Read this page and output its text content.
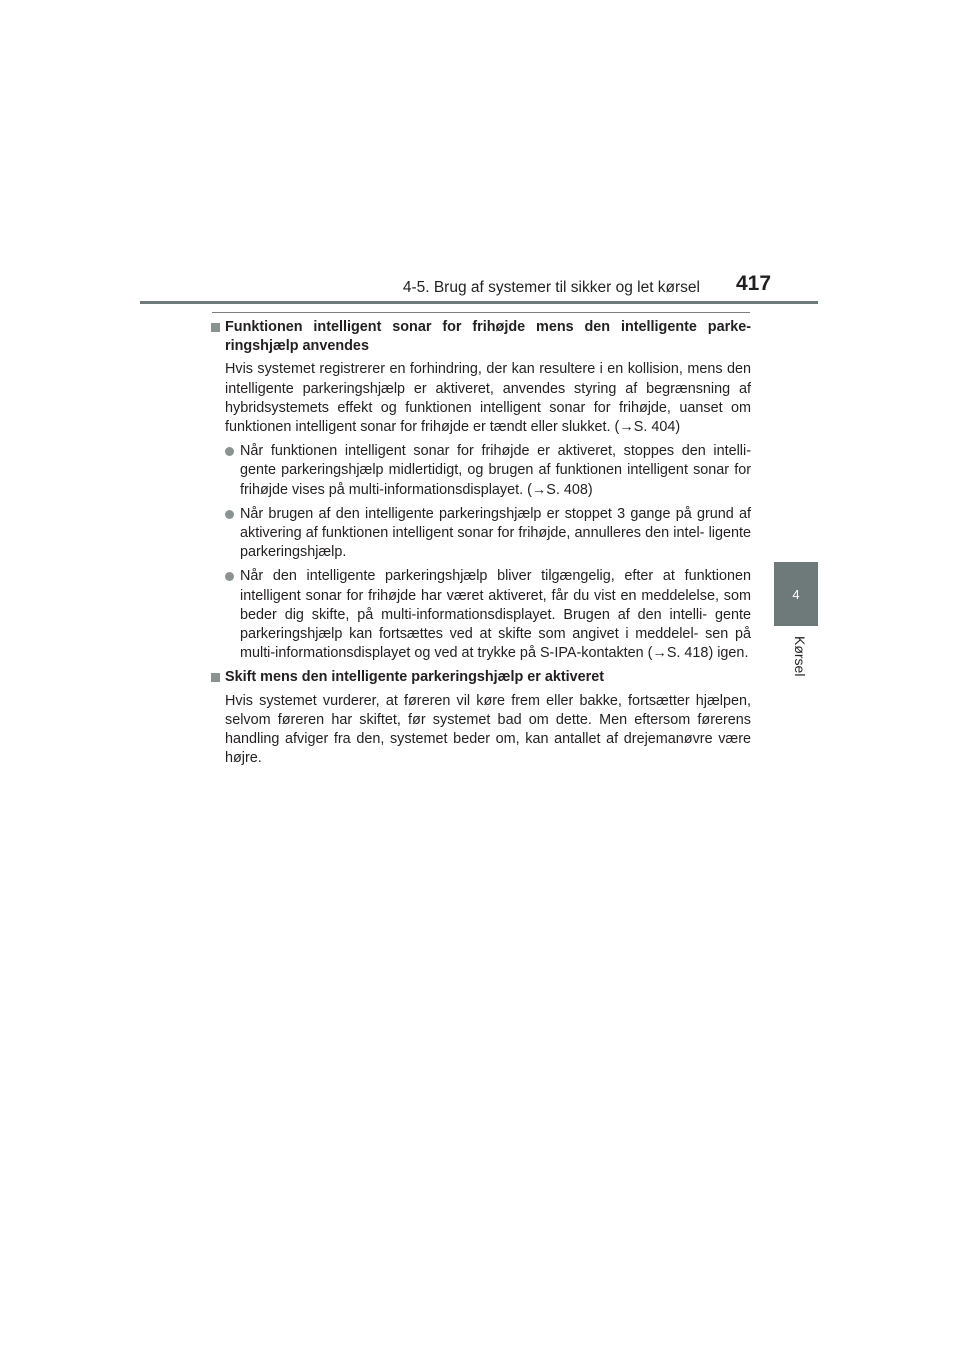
4-5. Brug af systemer til sikker og let kørsel 417
4
Kørsel
Funktionen intelligent sonar for frihøjde mens den intelligente parke- ringshjælp anvendes
Hvis systemet registrerer en forhindring, der kan resultere i en kollision, mens den intelligente parkeringshjælp er aktiveret, anvendes styring af begrænsning af hybridsystemets effekt og funktionen intelligent sonar for frihøjde, uanset om funktionen intelligent sonar for frihøjde er tændt eller slukket. (→S. 404)
Når funktionen intelligent sonar for frihøjde er aktiveret, stoppes den intelli- gente parkeringshjælp midlertidigt, og brugen af funktionen intelligent sonar for frihøjde vises på multi-informationsdisplayet. (→S. 408)
Når brugen af den intelligente parkeringshjælp er stoppet 3 gange på grund af aktivering af funktionen intelligent sonar for frihøjde, annulleres den intel- ligente parkeringshjælp.
Når den intelligente parkeringshjælp bliver tilgængelig, efter at funktionen intelligent sonar for frihøjde har været aktiveret, får du vist en meddelelse, som beder dig skifte, på multi-informationsdisplayet. Brugen af den intelli- gente parkeringshjælp kan fortsættes ved at skifte som angivet i meddelel- sen på multi-informationsdisplayet og ved at trykke på S-IPA-kontakten (→S. 418) igen.
Skift mens den intelligente parkeringshjælp er aktiveret
Hvis systemet vurderer, at føreren vil køre frem eller bakke, fortsætter hjælpen, selvom føreren har skiftet, før systemet bad om dette. Men eftersom førerens handling afviger fra den, systemet beder om, kan antallet af drejemanøvre være højre.
